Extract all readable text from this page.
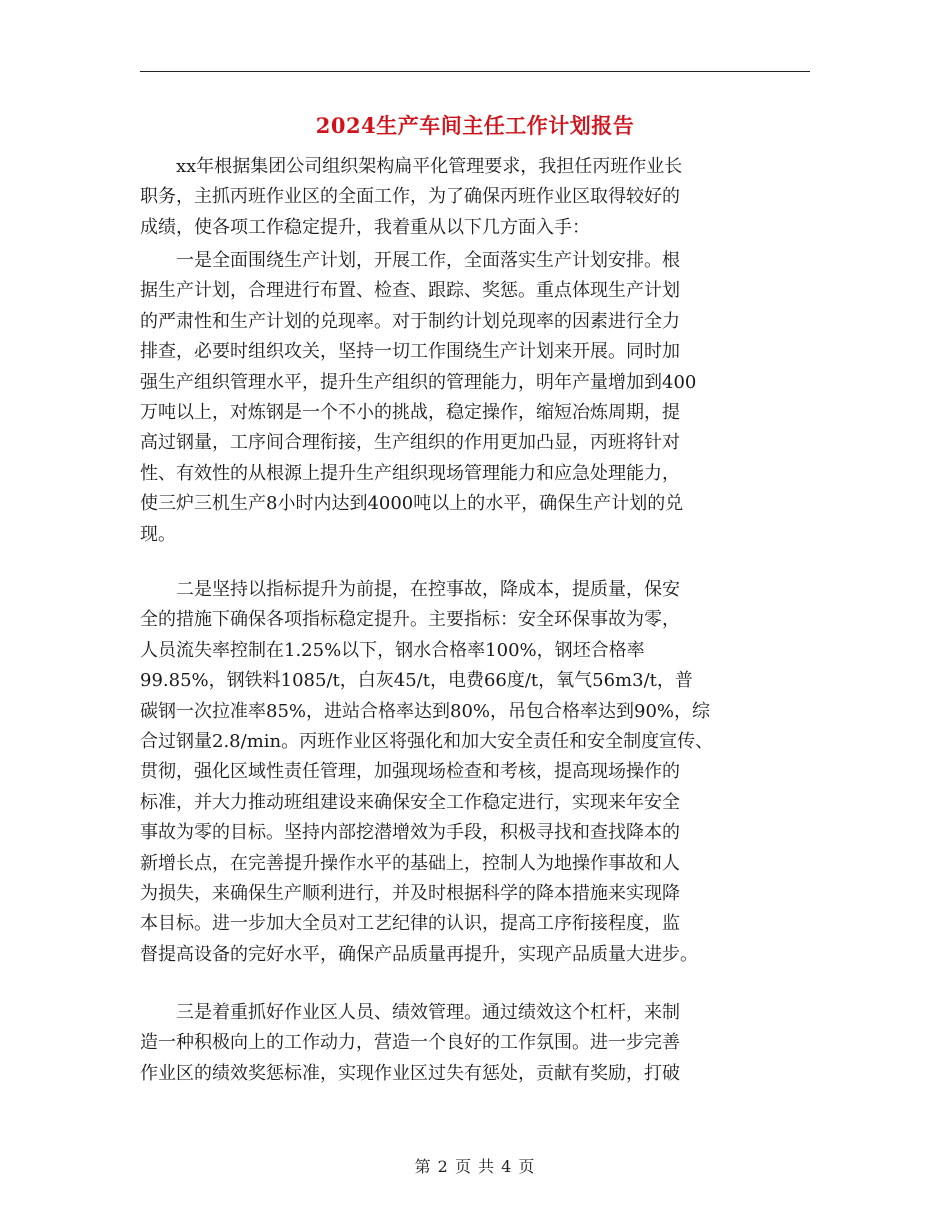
2024生产车间主任工作计划报告
　　xx年根据集团公司组织架构扁平化管理要求，我担任丙班作业长
职务，主抓丙班作业区的全面工作，为了确保丙班作业区取得较好的
成绩，使各项工作稳定提升，我着重从以下几方面入手：
　　一是全面围绕生产计划，开展工作，全面落实生产计划安排。根
据生产计划，合理进行布置、检查、跟踪、奖惩。重点体现生产计划
的严肃性和生产计划的兑现率。对于制约计划兑现率的因素进行全力
排查，必要时组织攻关，坚持一切工作围绕生产计划来开展。同时加
强生产组织管理水平，提升生产组织的管理能力，明年产量增加到400
万吨以上，对炼钢是一个不小的挑战，稳定操作，缩短冶炼周期，提
高过钢量，工序间合理衔接，生产组织的作用更加凸显，丙班将针对
性、有效性的从根源上提升生产组织现场管理能力和应急处理能力，
使三炉三机生产8小时内达到4000吨以上的水平，确保生产计划的兑
现。
　　二是坚持以指标提升为前提，在控事故，降成本，提质量，保安
全的措施下确保各项指标稳定提升。主要指标：安全环保事故为零，
人员流失率控制在1.25%以下，钢水合格率100%，钢坯合格率
99.85%，钢铁料1085/t，白灰45/t，电费66度/t，氧气56m3/t，普
碳钢一次拉准率85%，进站合格率达到80%，吊包合格率达到90%，综
合过钢量2.8/min。丙班作业区将强化和加大安全责任和安全制度宣传、
贯彻，强化区域性责任管理，加强现场检查和考核，提高现场操作的
标准，并大力推动班组建设来确保安全工作稳定进行，实现来年安全
事故为零的目标。坚持内部挖潜增效为手段，积极寻找和查找降本的
新增长点，在完善提升操作水平的基础上，控制人为地操作事故和人
为损失，来确保生产顺利进行，并及时根据科学的降本措施来实现降
本目标。进一步加大全员对工艺纪律的认识，提高工序衔接程度，监
督提高设备的完好水平，确保产品质量再提升，实现产品质量大进步。
　　三是着重抓好作业区人员、绩效管理。通过绩效这个杠杆，来制
造一种积极向上的工作动力，营造一个良好的工作氛围。进一步完善
作业区的绩效奖惩标准，实现作业区过失有惩处，贡献有奖励，打破
第 2 页 共 4 页
